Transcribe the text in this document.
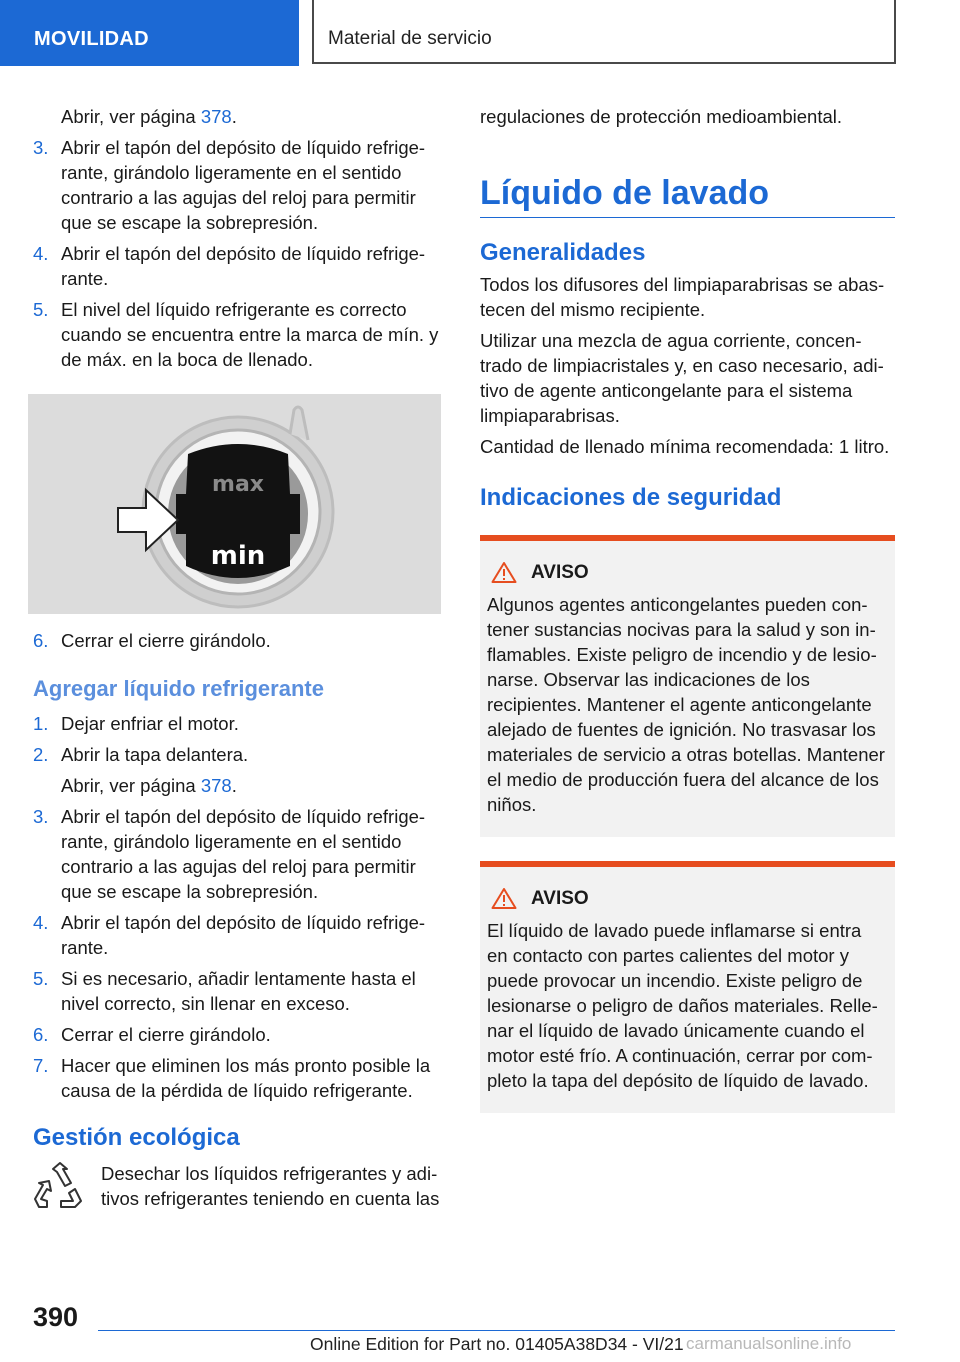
MOVILIDAD	Material de servicio
Abrir, ver página 378.
3. Abrir el tapón del depósito de líquido refrigerante, girándolo ligeramente en el sentido contrario a las agujas del reloj para permitir que se escape la sobrepresión.
4. Abrir el tapón del depósito de líquido refrigerante.
5. El nivel del líquido refrigerante es correcto cuando se encuentra entre la marca de mín. y de máx. en la boca de llenado.
max
min
6. Cerrar el cierre girándolo.
Agregar líquido refrigerante
1. Dejar enfriar el motor.
2. Abrir la tapa delantera.
Abrir, ver página 378.
3. Abrir el tapón del depósito de líquido refrigerante, girándolo ligeramente en el sentido contrario a las agujas del reloj para permitir que se escape la sobrepresión.
4. Abrir el tapón del depósito de líquido refrigerante.
5. Si es necesario, añadir lentamente hasta el nivel correcto, sin llenar en exceso.
6. Cerrar el cierre girándolo.
7. Hacer que eliminen los más pronto posible la causa de la pérdida de líquido refrigerante.
Gestión ecológica
Desechar los líquidos refrigerantes y aditivos refrigerantes teniendo en cuenta las
regulaciones de protección medioambiental.
Líquido de lavado
Generalidades
Todos los difusores del limpiaparabrisas se abastecen del mismo recipiente.
Utilizar una mezcla de agua corriente, concentrado de limpiacristales y, en caso necesario, aditivo de agente anticongelante para el sistema limpiaparabrisas.
Cantidad de llenado mínima recomendada: 1 litro.
Indicaciones de seguridad
AVISO
Algunos agentes anticongelantes pueden contener sustancias nocivas para la salud y son inflamables. Existe peligro de incendio y de lesionarse. Observar las indicaciones de los recipientes. Mantener el agente anticongelante alejado de fuentes de ignición. No trasvasar los materiales de servicio a otras botellas. Mantener el medio de producción fuera del alcance de los niños.
AVISO
El líquido de lavado puede inflamarse si entra en contacto con partes calientes del motor y puede provocar un incendio. Existe peligro de lesionarse o peligro de daños materiales. Rellenar el líquido de lavado únicamente cuando el motor esté frío. A continuación, cerrar por completo la tapa del depósito de líquido de lavado.
390
Online Edition for Part no. 01405A38D34 - VI/21 carmanualsonline.info
